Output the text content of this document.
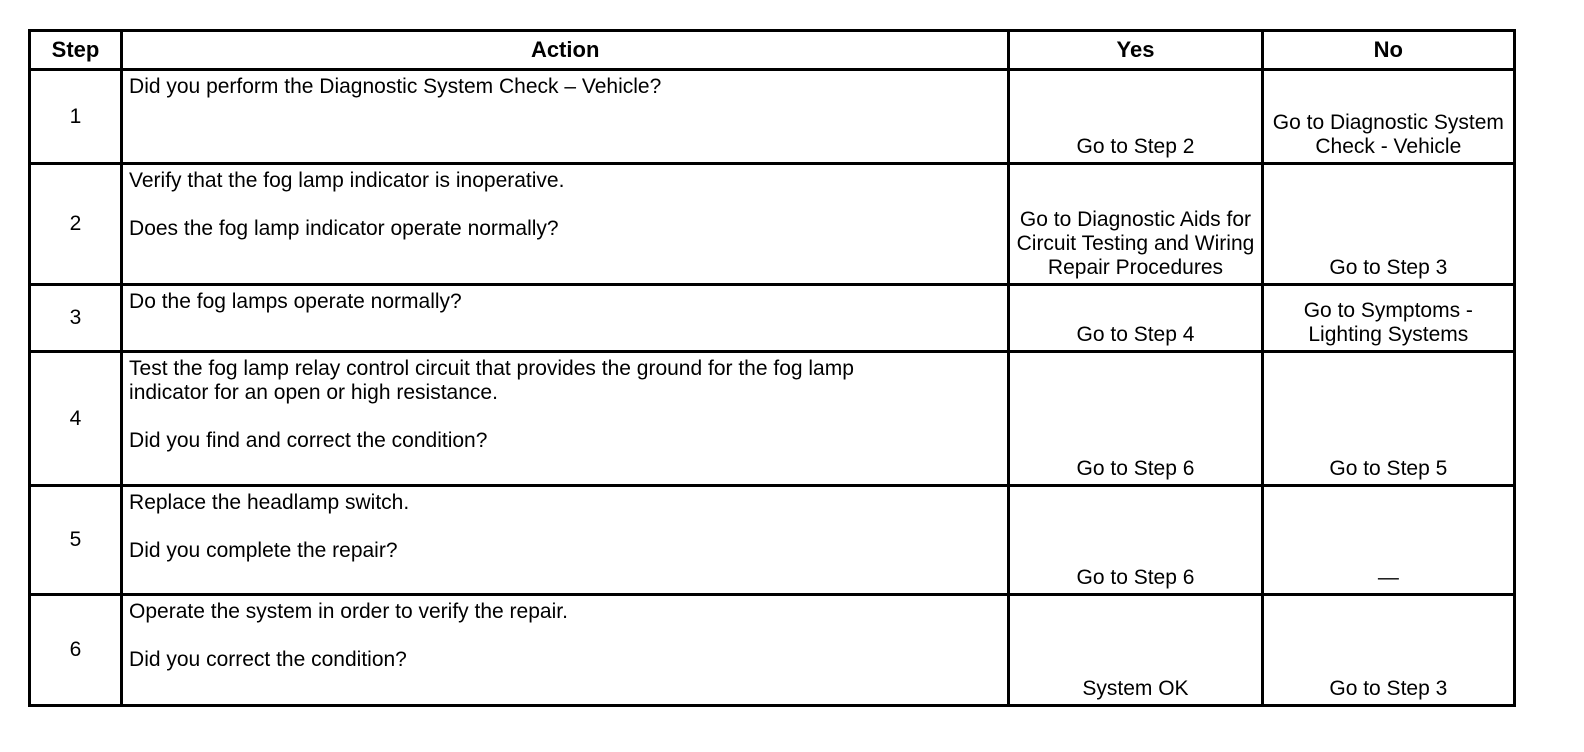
Step	Action	Yes	No
1	Did you perform the Diagnostic System Check – Vehicle?	Go to Step 2	Go to Diagnostic System Check - Vehicle
2	Verify that the fog lamp indicator is inoperative.
Does the fog lamp indicator operate normally?	Go to Diagnostic Aids for Circuit Testing and Wiring Repair Procedures	Go to Step 3
3	Do the fog lamps operate normally?	Go to Step 4	Go to Symptoms - Lighting Systems
4	Test the fog lamp relay control circuit that provides the ground for the fog lamp
indicator for an open or high resistance.
Did you find and correct the condition?	Go to Step 6	Go to Step 5
5	Replace the headlamp switch.
Did you complete the repair?	Go to Step 6	—
6	Operate the system in order to verify the repair.
Did you correct the condition?	System OK	Go to Step 3
